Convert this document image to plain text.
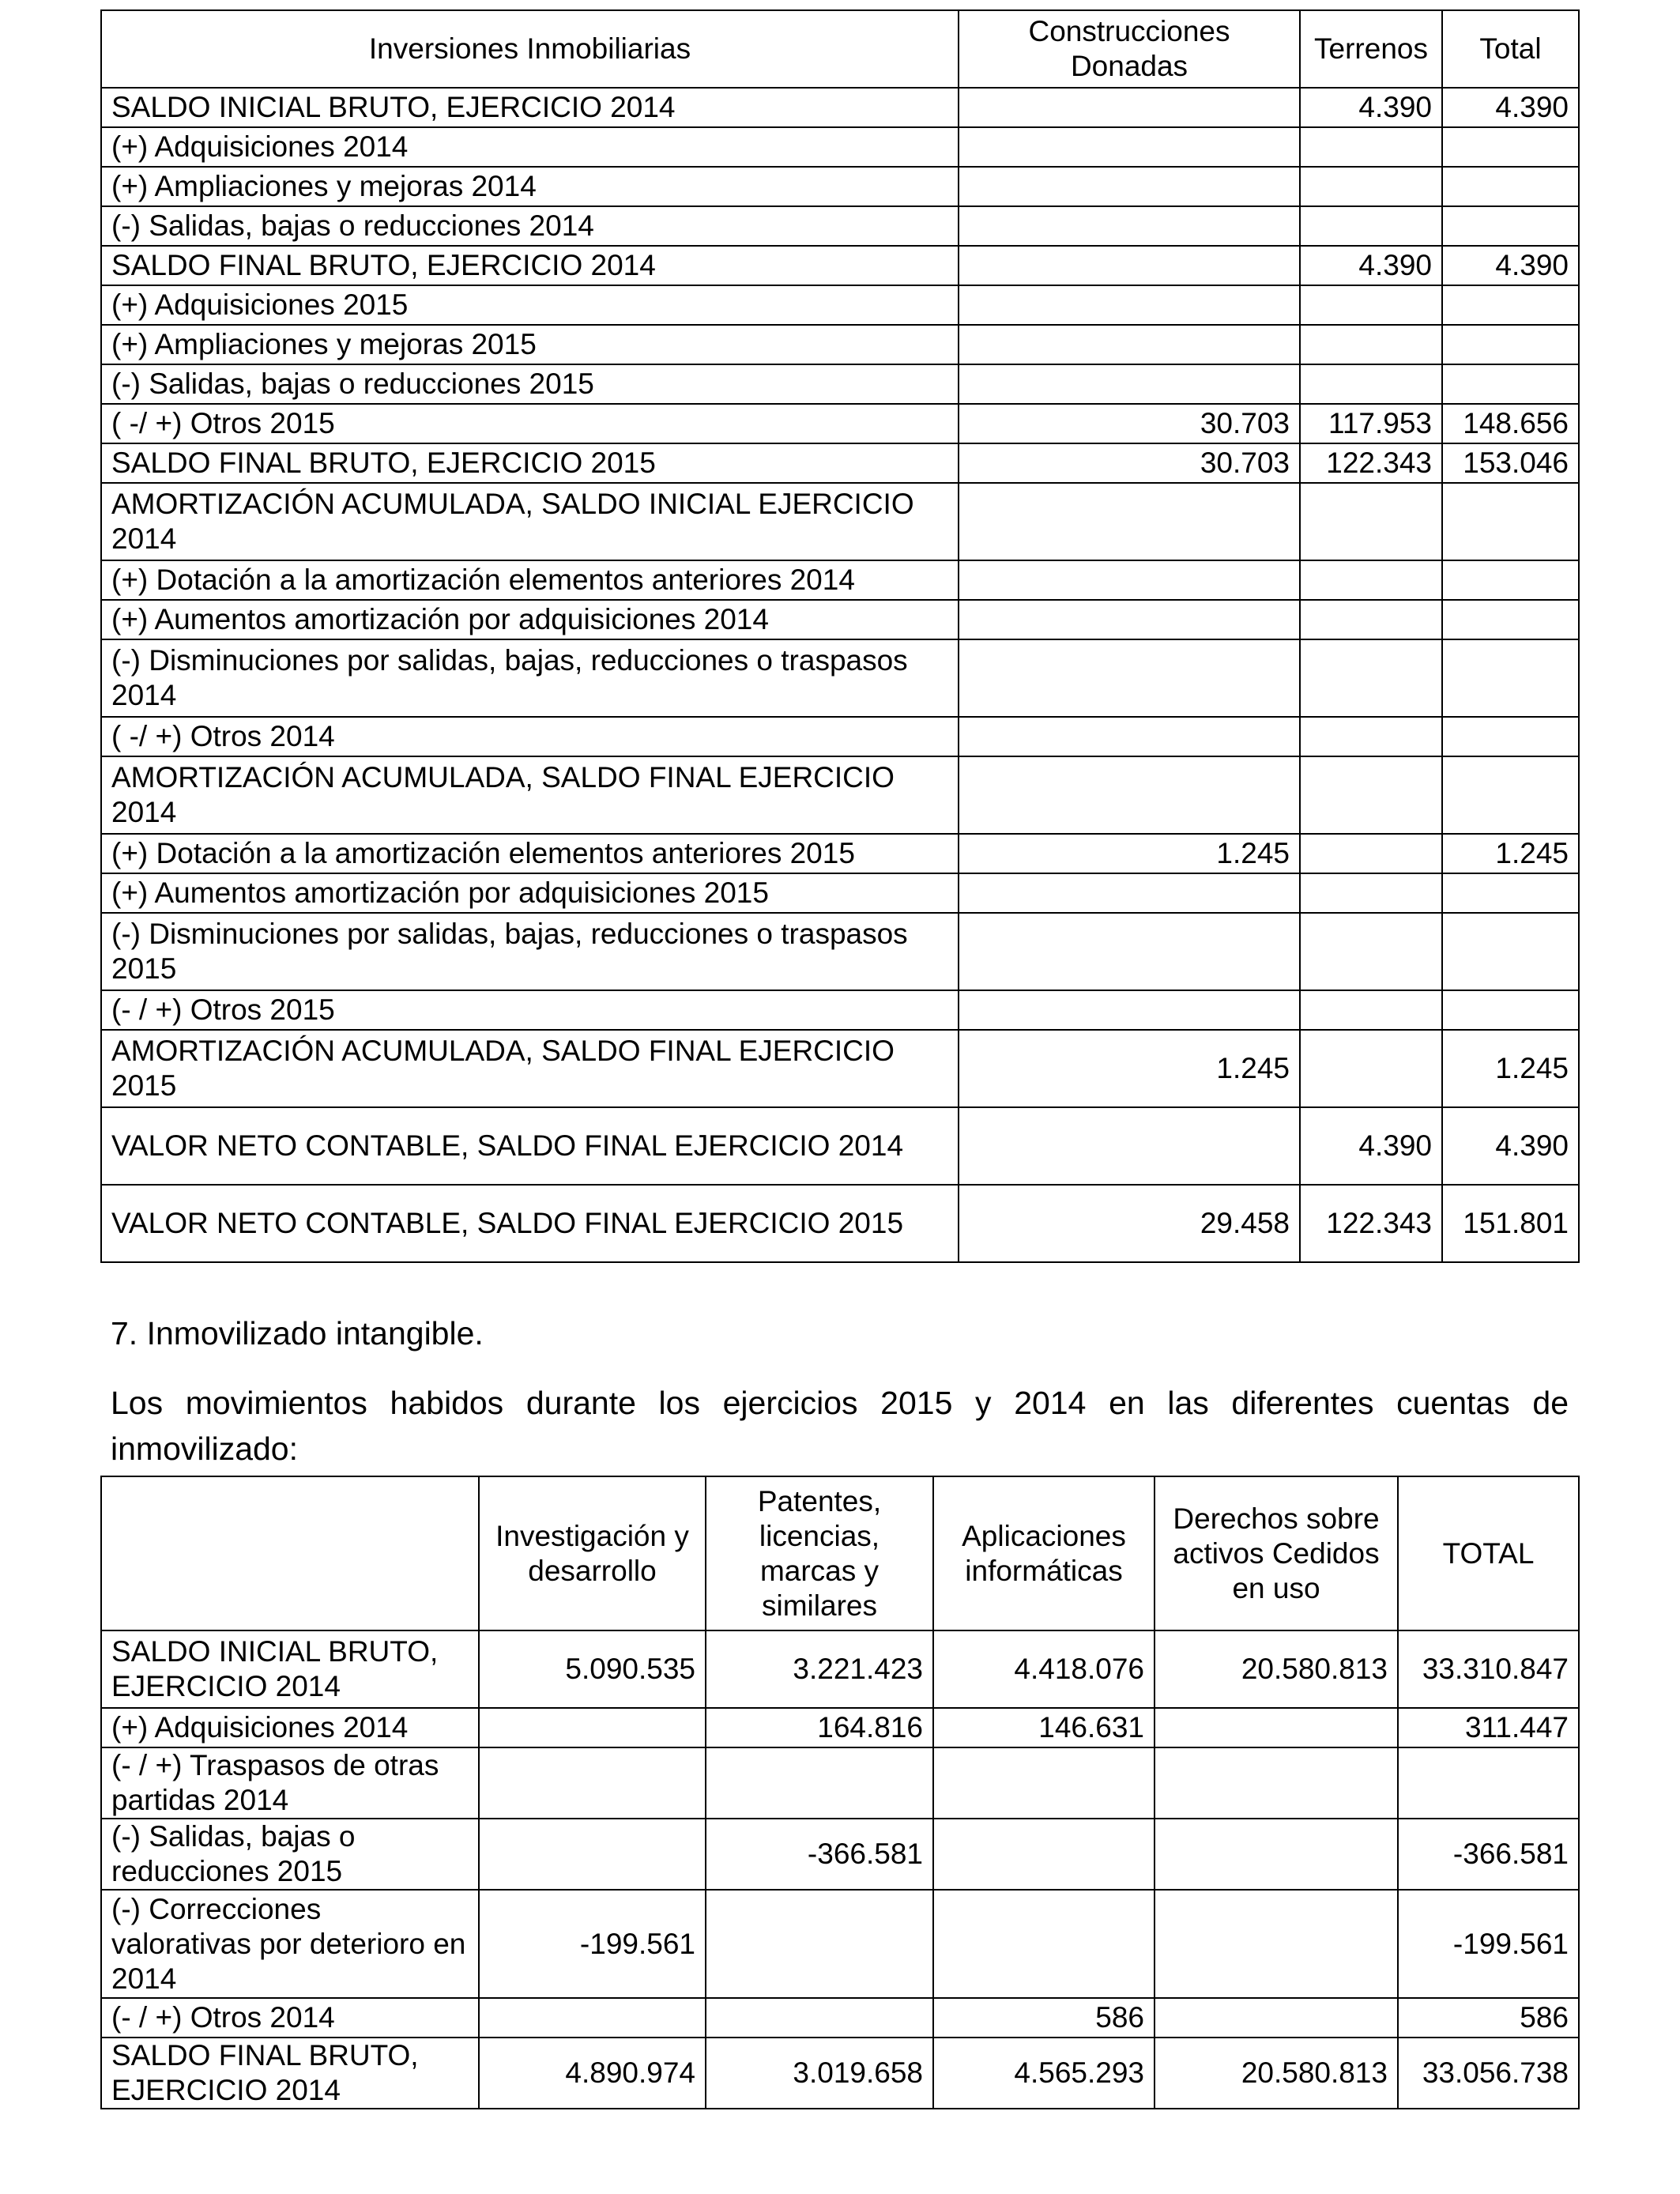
Inversiones Inmobiliarias	Construcciones Donadas	Terrenos	Total
SALDO INICIAL BRUTO, EJERCICIO 2014		4.390	4.390
(+) Adquisiciones 2014			
(+) Ampliaciones y mejoras 2014			
(-) Salidas, bajas o reducciones 2014			
SALDO FINAL BRUTO, EJERCICIO 2014		4.390	4.390
(+) Adquisiciones 2015			
(+) Ampliaciones y mejoras 2015			
(-) Salidas, bajas o reducciones 2015			
( -/ +) Otros 2015	30.703	117.953	148.656
SALDO FINAL BRUTO, EJERCICIO 2015	30.703	122.343	153.046
AMORTIZACIÓN ACUMULADA, SALDO INICIAL EJERCICIO 2014			
(+) Dotación a la amortización elementos anteriores 2014			
(+) Aumentos amortización por adquisiciones 2014			
(-) Disminuciones por salidas, bajas, reducciones o traspasos 2014			
( -/ +) Otros 2014			
AMORTIZACIÓN ACUMULADA, SALDO FINAL EJERCICIO 2014			
(+) Dotación a la amortización elementos anteriores 2015	1.245		1.245
(+) Aumentos amortización por adquisiciones 2015			
(-) Disminuciones por salidas, bajas, reducciones o traspasos 2015			
(- / +) Otros 2015			
AMORTIZACIÓN ACUMULADA, SALDO FINAL EJERCICIO 2015	1.245		1.245
VALOR NETO CONTABLE, SALDO FINAL EJERCICIO 2014		4.390	4.390
VALOR NETO CONTABLE, SALDO FINAL EJERCICIO 2015	29.458	122.343	151.801
7. Inmovilizado intangible.
Los movimientos habidos durante los ejercicios 2015 y 2014 en las diferentes cuentas de inmovilizado:
	Investigación y desarrollo	Patentes, licencias, marcas y similares	Aplicaciones informáticas	Derechos sobre activos Cedidos en uso	TOTAL
SALDO INICIAL BRUTO, EJERCICIO 2014	5.090.535	3.221.423	4.418.076	20.580.813	33.310.847
(+) Adquisiciones 2014		164.816	146.631		311.447
(- / +) Traspasos de otras partidas 2014					
(-) Salidas, bajas o reducciones 2015		-366.581			-366.581
(-) Correcciones valorativas por deterioro en 2014	-199.561				-199.561
(- / +) Otros 2014			586		586
SALDO FINAL BRUTO, EJERCICIO 2014	4.890.974	3.019.658	4.565.293	20.580.813	33.056.738
